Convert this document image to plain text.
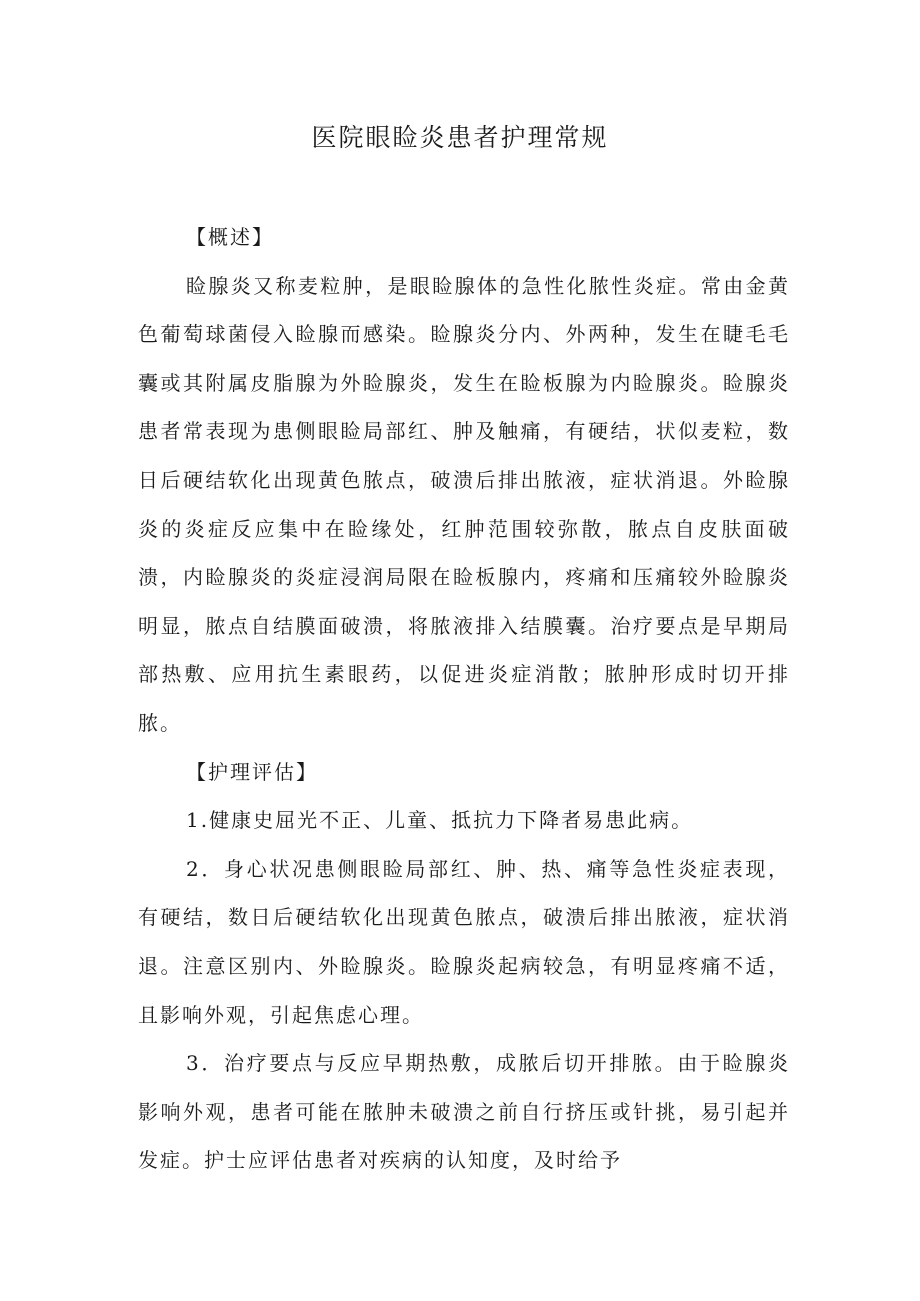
医院眼睑炎患者护理常规

【概述】

睑腺炎又称麦粒肿，是眼睑腺体的急性化脓性炎症。常由金黄色葡萄球菌侵入睑腺而感染。睑腺炎分内、外两种，发生在睫毛毛囊或其附属皮脂腺为外睑腺炎，发生在睑板腺为内睑腺炎。睑腺炎患者常表现为患侧眼睑局部红、肿及触痛，有硬结，状似麦粒，数日后硬结软化出现黄色脓点，破溃后排出脓液，症状消退。外睑腺炎的炎症反应集中在睑缘处，红肿范围较弥散，脓点自皮肤面破溃，内睑腺炎的炎症浸润局限在睑板腺内，疼痛和压痛较外睑腺炎明显，脓点自结膜面破溃，将脓液排入结膜囊。治疗要点是早期局部热敷、应用抗生素眼药，以促进炎症消散；脓肿形成时切开排脓。

【护理评估】

1.健康史屈光不正、儿童、抵抗力下降者易患此病。

2．身心状况患侧眼睑局部红、肿、热、痛等急性炎症表现，有硬结，数日后硬结软化出现黄色脓点，破溃后排出脓液，症状消退。注意区别内、外睑腺炎。睑腺炎起病较急，有明显疼痛不适，且影响外观，引起焦虑心理。

3．治疗要点与反应早期热敷，成脓后切开排脓。由于睑腺炎影响外观，患者可能在脓肿未破溃之前自行挤压或针挑，易引起并发症。护士应评估患者对疾病的认知度，及时给予
